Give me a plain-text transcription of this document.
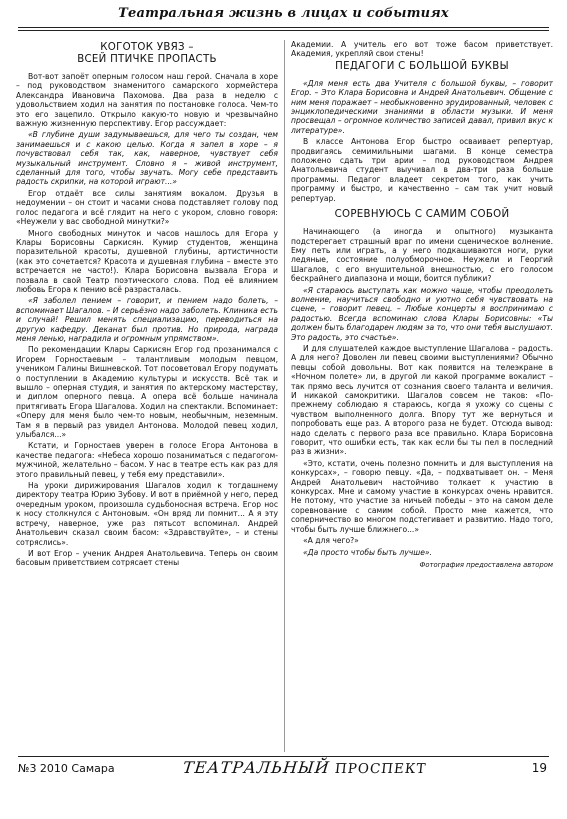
Театральная жизнь в лицах и событиях
КОГОТОК УВЯЗ –
ВСЕЙ ПТИЧКЕ ПРОПАСТЬ

Вот-вот запоёт оперным голосом наш герой. Сначала в хоре – под руководством знаменитого самарского хормейстера Александра Ивановича Пахомова. Два раза в неделю с удовольствием ходил на занятия по постановке голоса. Чем-то это его зацепило. Открыло какую-то новую и чрезвычайно важную жизненную перспективу. Егор рассуждает:

«В глубине души задумываешься, для чего ты создан, чем занимаешься и с какою целью. Когда я запел в хоре – я почувствовал себя так, как, наверное, чувствует себя музыкальный инструмент. Словно я – живой инструмент, сделанный для того, чтобы звучать. Могу себе представить радость скрипки, на которой играют...»

Егор отдаёт все силы занятиям вокалом. Друзья в недоумении – он стоит и часами снова подставляет голову под голос педагога и всё глядит на него с укором, словно говоря: «Неужели у вас свободной минутки?»

Много свободных минуток и часов нашлось для Егора у Клары Борисовны Саркисян. Кумир студентов, женщина поразительной красоты, душевной глубины, артистичности (как это сочетается? Красота и душевная глубина – вместе это встречается не часто!). Клара Борисовна вызвала Егора и позвала в свой Театр поэтического слова. Под её влиянием любовь Егора к пению всё разрасталась.

«Я заболел пением – говорит, и пением надо болеть, – вспоминает Шагалов. – И серьёзно надо заболеть. Клиника есть и случай! Решил менять специализацию, переводиться на другую кафедру. Деканат был против. Но природа, награда меня ленью, наградила и огромным упрямством».

По рекомендации Клары Саркисян Егор год прозанимался с Игорем Горностаевым – талантливым молодым певцом, учеником Галины Вишневской. Тот посоветовал Егору подумать о поступлении в Академию культуры и искусств. Всё так и вышло – оперная студия, и занятия по актерскому мастерству, и диплом оперного певца. А опера всё больше начинала притягивать Егора Шагалова. Ходил на спектакли. Вспоминает: «Оперу для меня было чем-то новым, необычным, неземным. Там я в первый раз увидел Антонова. Молодой певец ходил, улыбался...»

Кстати, и Горностаев уверен в голосе Егора Антонова в качестве педагога: «Небеса хорошо позаниматься с педагогом-мужчиной, желательно – басом. У нас в театре есть как раз для этого правильный певец, у тебя ему представили».

На уроки дирижирования Шагалов ходил к тогдашнему директору театра Юрию Зубову. И вот в приёмной у него, перед очередным уроком, произошла судьбоносная встреча. Егор нос к носу столкнулся с Антоновым. «Он вряд ли помнит... А я эту встречу, наверное, уже раз пятьсот вспоминал. Андрей Анатольевич сказал своим басом: «Здравствуйте», – и стены сотряслись».

И вот Егор – ученик Андрея Анатольевича. Теперь он своим басовым приветствием сотрясает стены

Академии. А учитель его вот тоже басом приветствует. Академия, укрепляй свои стены!

ПЕДАГОГИ С БОЛЬШОЙ БУКВЫ

«Для меня есть два Учителя с большой буквы, – говорит Егор. – Это Клара Борисовна и Андрей Анатольевич. Общение с ним меня поражает – необыкновенно эрудированный, человек с энциклопедическими знаниями в области музыки. И меня просвещал – огромное количество записей давал, привил вкус к литературе».

В классе Антонова Егор быстро осваивает репертуар, продвигаясь семимильными шагами. В конце семестра положено сдать три арии – под руководством Андрея Анатольевича студент выучивал в два-три раза больше программы. Педагог владеет секретом того, как учить программу и быстро, и качественно – сам так учит новый репертуар.

СОРЕВНУЮСЬ С САМИМ СОБОЙ

Начинающего (а иногда и опытного) музыканта подстерегает страшный враг по имени сценическое волнение. Ему петь или играть, а у него подкашиваются ноги, руки ледяные, состояние полуобморочное. Неужели и Георгий Шагалов, с его внушительной внешностью, с его голосом бескрайнего диапазона и мощи, боится публики?

«Я стараюсь выступать как можно чаще, чтобы преодолеть волнение, научиться свободно и уютно себя чувствовать на сцене, – говорит певец. – Любые концерты я воспринимаю с радостью. Всегда вспоминаю слова Клары Борисовны: «Ты должен быть благодарен людям за то, что они тебя выслушают. Это радость, это счастье».

И для слушателей каждое выступление Шагалова – радость. А для него? Доволен ли певец своими выступлениями? Обычно певцы собой довольны. Вот как появится на телеэкране в «Ночном полете» ли, в другой ли какой программе вокалист – так прямо весь лучится от сознания своего таланта и величия. И никакой самокритики. Шагалов совсем не таков: «По-прежнему соблюдаю я стараюсь, когда я ухожу со сцены с чувством выполненного долга. Впору тут же вернуться и попробовать еще раз. А второго раза не будет. Отсюда вывод: надо сделать с первого раза все правильно. Клара Борисовна говорит, что ошибки есть, так как если бы ты пел в последний раз в жизни».

«Это, кстати, очень полезно помнить и для выступления на конкурсах», – говорю певцу. «Да, – подхватывает он. – Меня Андрей Анатольевич настойчиво толкает к участию в конкурсах. Мне и самому участие в конкурсах очень нравится. Не потому, что участие за ничьей победы – это на самом деле соревнование с самим собой. Просто мне кажется, что соперничество во многом подстегивает и развитию. Надо того, чтобы быть лучше ближнего...»

«А для чего?»

«Да просто чтобы быть лучше».

Фотография предоставлена автором
№3 2010 Самара	ТЕАТРАЛЬНЫЙ ПРОСПЕКТ	19
